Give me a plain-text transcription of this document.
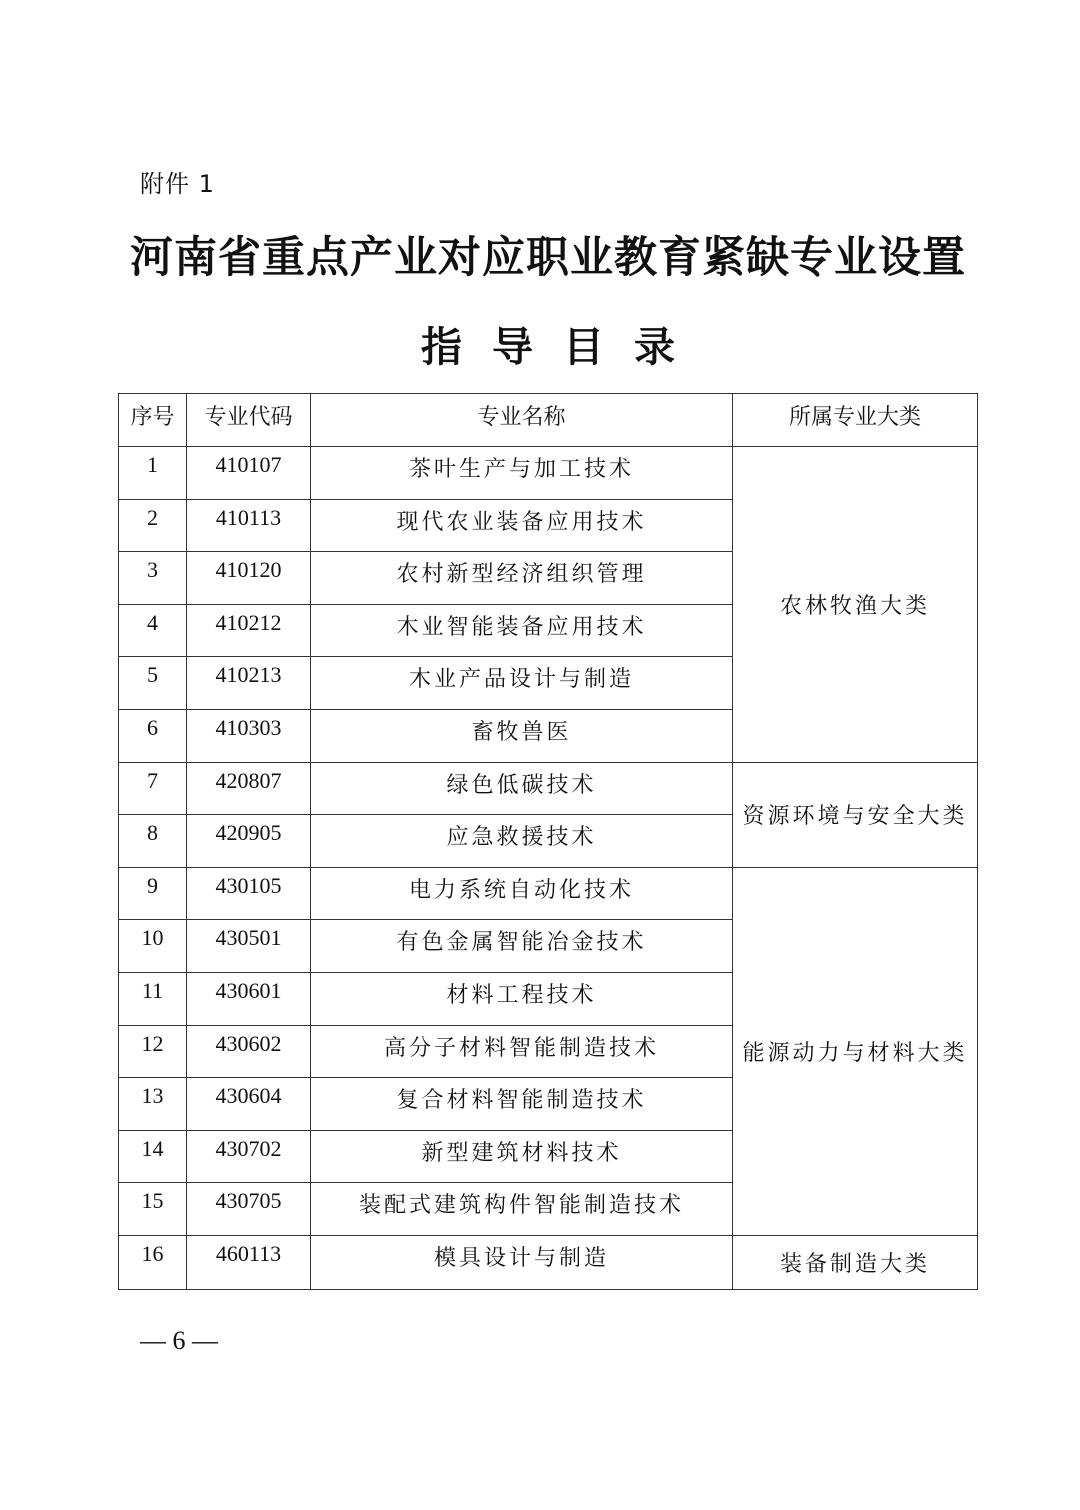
附件 1
河南省重点产业对应职业教育紧缺专业设置
指导目录
序号	专业代码	专业名称	所属专业大类
1	410107	茶叶生产与加工技术	农林牧渔大类
2	410113	现代农业装备应用技术	
3	410120	农村新型经济组织管理	
4	410212	木业智能装备应用技术	
5	410213	木业产品设计与制造	
6	410303	畜牧兽医	
7	420807	绿色低碳技术	资源环境与安全大类
8	420905	应急救援技术	
9	430105	电力系统自动化技术	能源动力与材料大类
10	430501	有色金属智能冶金技术	
11	430601	材料工程技术	
12	430602	高分子材料智能制造技术	
13	430604	复合材料智能制造技术	
14	430702	新型建筑材料技术	
15	430705	装配式建筑构件智能制造技术	
16	460113	模具设计与制造	装备制造大类
— 6 —
